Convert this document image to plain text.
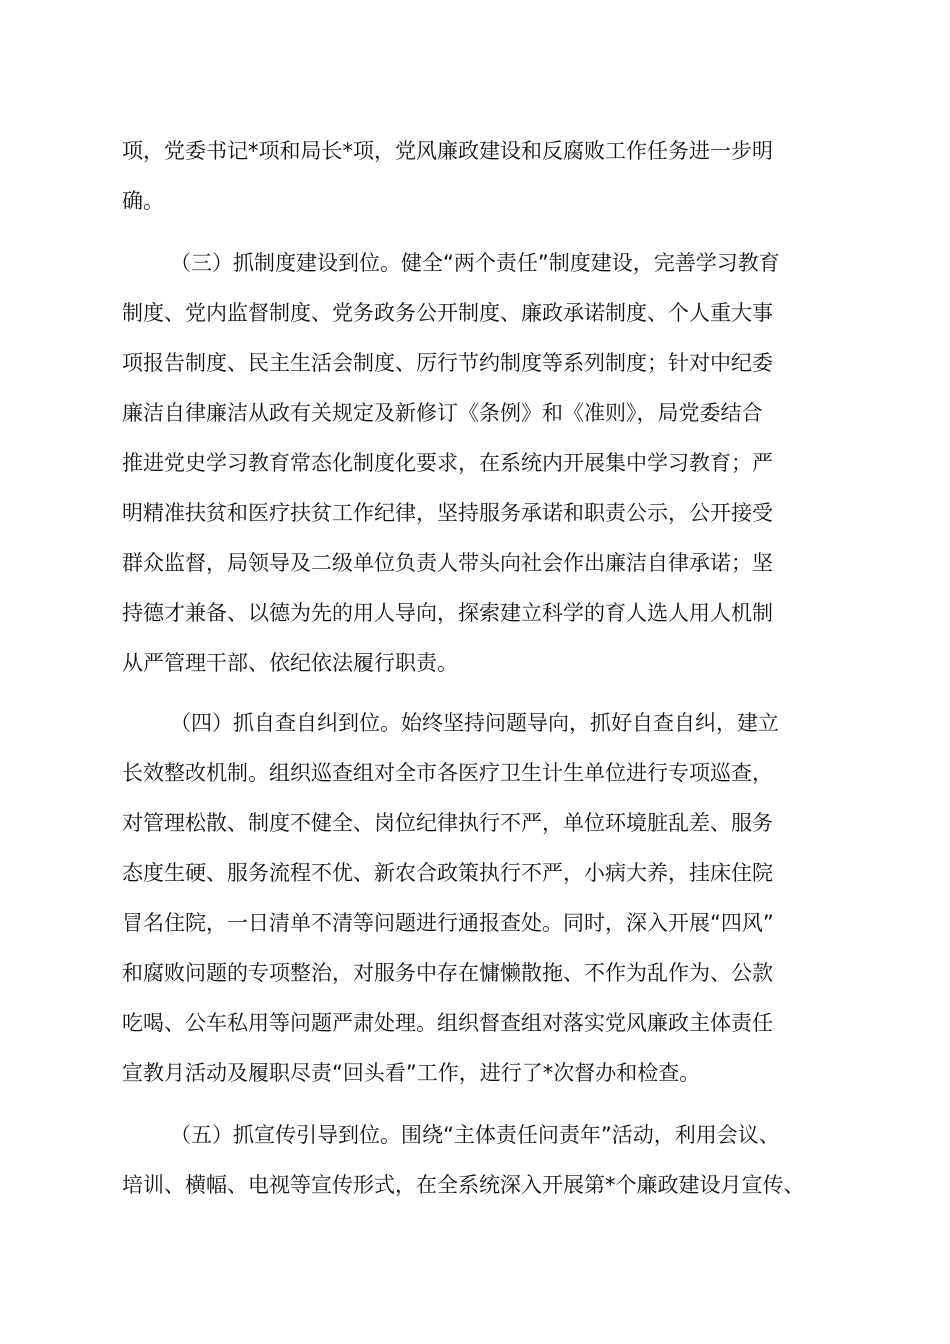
项，党委书记*项和局长*项，党风廉政建设和反腐败工作任务进一步明
确。
（三）抓制度建设到位。健全“两个责任”制度建设，完善学习教育
制度、党内监督制度、党务政务公开制度、廉政承诺制度、个人重大事
项报告制度、民主生活会制度、厉行节约制度等系列制度；针对中纪委
廉洁自律廉洁从政有关规定及新修订《条例》和《准则》，局党委结合
推进党史学习教育常态化制度化要求，在系统内开展集中学习教育；严
明精准扶贫和医疗扶贫工作纪律，坚持服务承诺和职责公示，公开接受
群众监督，局领导及二级单位负责人带头向社会作出廉洁自律承诺；坚
持德才兼备、以德为先的用人导向，探索建立科学的育人选人用人机制
从严管理干部、依纪依法履行职责。
（四）抓自查自纠到位。始终坚持问题导向，抓好自查自纠，建立
长效整改机制。组织巡查组对全市各医疗卫生计生单位进行专项巡查，
对管理松散、制度不健全、岗位纪律执行不严，单位环境脏乱差、服务
态度生硬、服务流程不优、新农合政策执行不严，小病大养，挂床住院
冒名住院，一日清单不清等问题进行通报查处。同时，深入开展“四风”
和腐败问题的专项整治，对服务中存在慵懒散拖、不作为乱作为、公款
吃喝、公车私用等问题严肃处理。组织督查组对落实党风廉政主体责任
宣教月活动及履职尽责“回头看”工作，进行了*次督办和检查。
（五）抓宣传引导到位。围绕“主体责任问责年”活动，利用会议、
培训、横幅、电视等宣传形式，在全系统深入开展第*个廉政建设月宣传、
